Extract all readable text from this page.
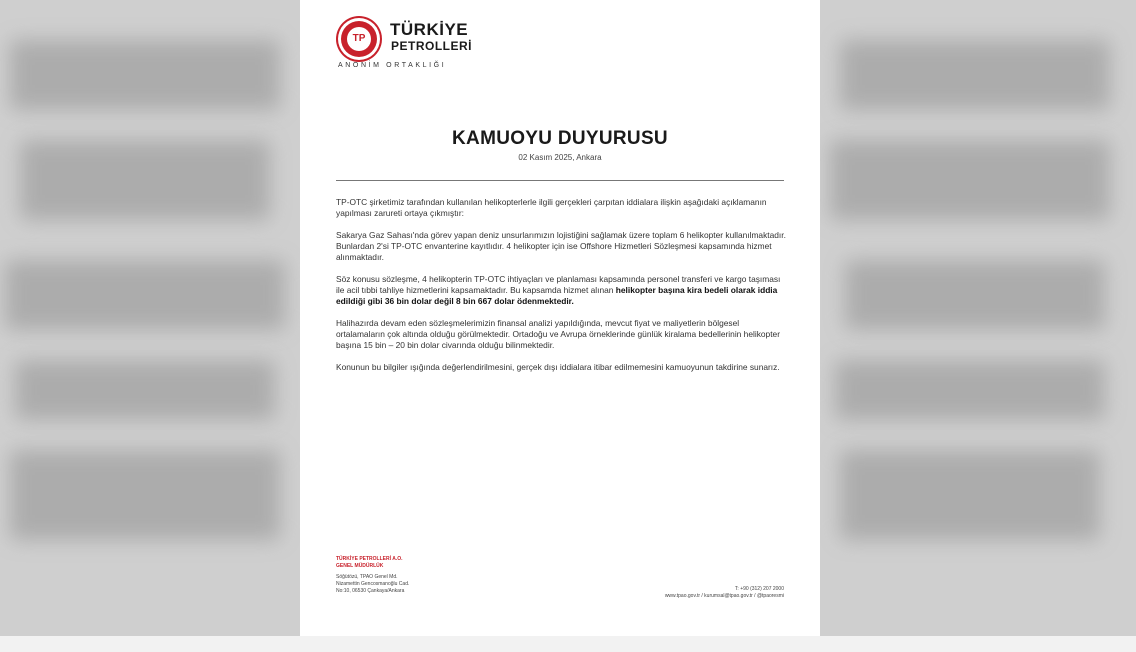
TP	TÜRKİYE
PETROLLERİ
ANONİM ORTAKLIĞI
KAMUOYU DUYURUSU
02 Kasım 2025, Ankara

TP-OTC şirketimiz tarafından kullanılan helikopterlerle ilgili gerçekleri çarpıtan iddialara ilişkin aşağıdaki açıklamanın yapılması zarureti ortaya çıkmıştır:

Sakarya Gaz Sahası'nda görev yapan deniz unsurlarımızın lojistiğini sağlamak üzere toplam 6 helikopter kullanılmaktadır. Bunlardan 2'si TP-OTC envanterine kayıtlıdır. 4 helikopter için ise Offshore Hizmetleri Sözleşmesi kapsamında hizmet alınmaktadır.

Söz konusu sözleşme, 4 helikopterin TP-OTC ihtiyaçları ve planlaması kapsamında personel transferi ve kargo taşıması ile acil tıbbi tahliye hizmetlerini kapsamaktadır. Bu kapsamda hizmet alınan helikopter başına kira bedeli olarak iddia edildiği gibi 36 bin dolar değil 8 bin 667 dolar ödenmektedir.

Halihazırda devam eden sözleşmelerimizin finansal analizi yapıldığında, mevcut fiyat ve maliyetlerin bölgesel ortalamaların çok altında olduğu görülmektedir. Ortadoğu ve Avrupa örneklerinde günlük kiralama bedellerinin helikopter başına 15 bin – 20 bin dolar civarında olduğu bilinmektedir.

Konunun bu bilgiler ışığında değerlendirilmesini, gerçek dışı iddialara itibar edilmemesini kamuoyunun takdirine sunarız.

TÜRKİYE PETROLLERİ A.O.
GENEL MÜDÜRLÜK
Söğütözü, TPAO Genel Md.
Nizamettin Gencosmanoğlu Cad.
No:10, 06530 Çankaya/Ankara	T: +90 (312) 207 2000
www.tpao.gov.tr / kurumsal@tpao.gov.tr / @tpaoresmi
